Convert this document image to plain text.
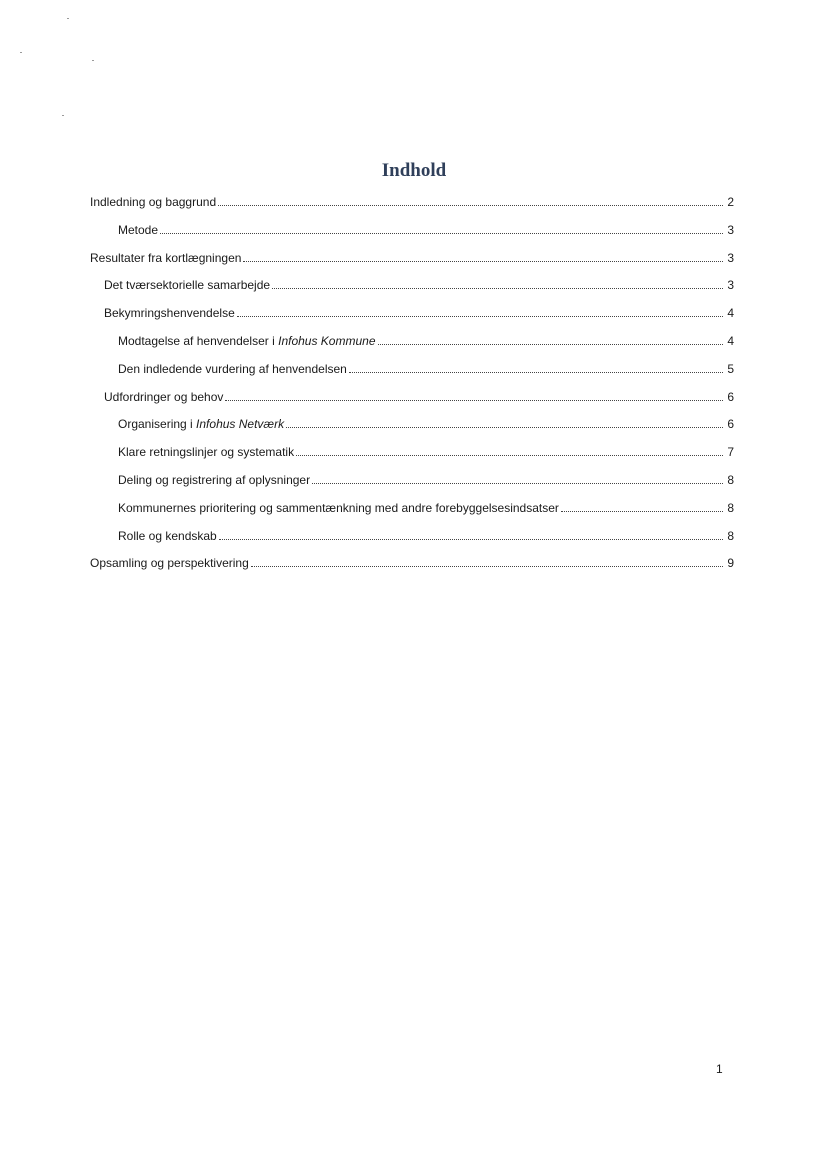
Indhold
Indledning og baggrund	2
Metode	3
Resultater fra kortlægningen	3
Det tværsektorielle samarbejde	3
Bekymringshenvendelse	4
Modtagelse af henvendelser i Infohus Kommune	4
Den indledende vurdering af henvendelsen	5
Udfordringer og behov	6
Organisering i Infohus Netværk	6
Klare retningslinjer og systematik	7
Deling og registrering af oplysninger	8
Kommunernes prioritering og sammentænkning med andre forebyggelsesindsatser	8
Rolle og kendskab	8
Opsamling og perspektivering	9
1
